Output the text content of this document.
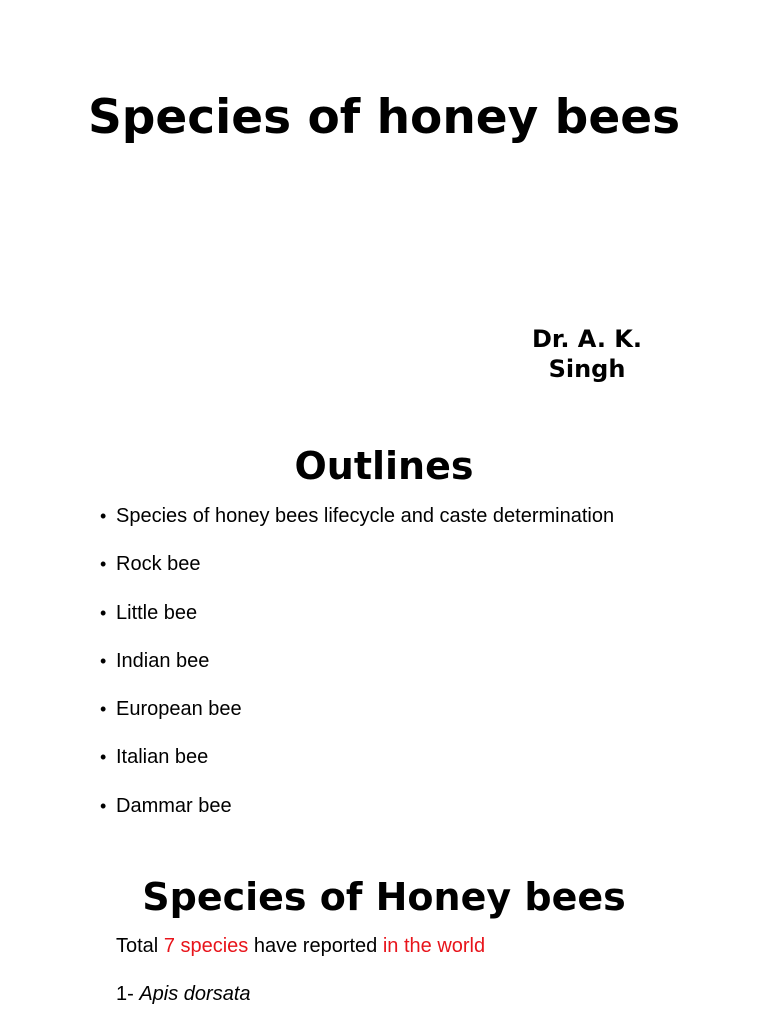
Species of honey bees
Dr. A. K.
Singh
Outlines
• Species of honey bees lifecycle and caste determination
• Rock bee
• Little bee
• Indian bee
• European bee
• Italian bee
• Dammar bee
Species of Honey bees

Total 7 species have reported in the world

1- Apis dorsata
